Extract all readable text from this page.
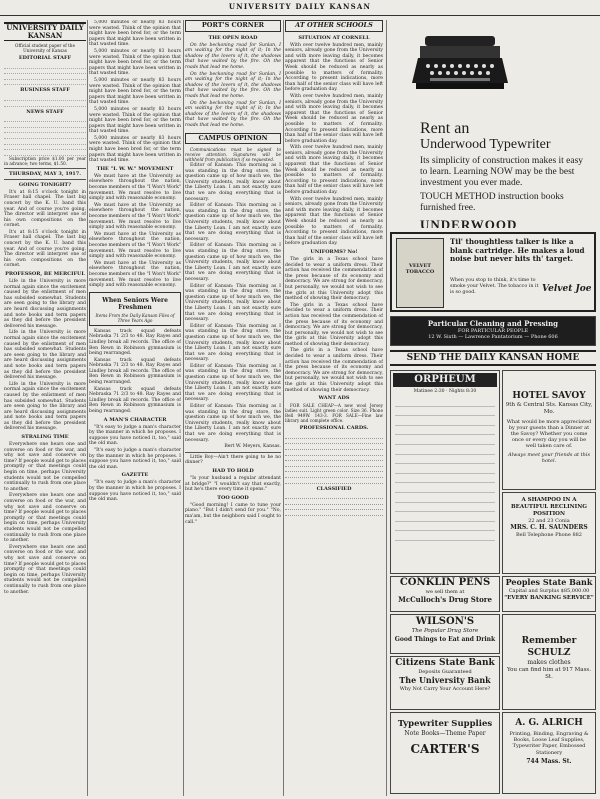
UNIVERSITY DAILY KANSAN
UNIVERSITY DAILY KANSAN
Official student paper of the University of Kansas
EDITORIAL STAFF
BUSINESS STAFF
NEWS STAFF

Subscription price $1.00 per year in advance; two terms, $1.50.

THURSDAY, MAY 3, 1917.
GOING TONIGHT?

It's at 8:15 o'clock tonight in Fraser hall chapel. The last big concert by the K. U. band this year. And of course you're going. The director will interpret one of his own compositions on the cornet.

It's at 8:15 o'clock tonight in Fraser hall chapel. The last big concert by the K. U. band this year. And of course you're going. The director will interpret one of his own compositions on the cornet.

PROFESSOR, BE MERCIFUL

Life in the University is more normal again since the excitement caused by the enlistment of men has subsided somewhat. Students are seen going to the library and are heard discussing assignments and note books and term papers as they did before the president delivered his message.

Life in the University is more normal again since the excitement caused by the enlistment of men has subsided somewhat. Students are seen going to the library and are heard discussing assignments and note books and term papers as they did before the president delivered his message.

Life in the University is more normal again since the excitement caused by the enlistment of men has subsided somewhat. Students are seen going to the library and are heard discussing assignments and note books and term papers as they did before the president delivered his message.

STRALING TIME

Everywhere one hears one and converse on food or the war, and why not save and conserve on time? If people would get to places promptly or that meetings could begin on time, perhaps University students would not be compelled continually to rush from one place to another.

Everywhere one hears one and converse on food or the war, and why not save and conserve on time? If people would get to places promptly or that meetings could begin on time, perhaps University students would not be compelled continually to rush from one place to another.

Everywhere one hears one and converse on food or the war, and why not save and conserve on time? If people would get to places promptly or that meetings could begin on time, perhaps University students would not be compelled continually to rush from one place to another.

5,000 minutes or nearly 83 hours were wasted. Think of the opinion that might have been bred for, or the term papers that might have been written in that wasted time.

5,000 minutes or nearly 83 hours were wasted. Think of the opinion that might have been bred for, or the term papers that might have been written in that wasted time.

5,000 minutes or nearly 83 hours were wasted. Think of the opinion that might have been bred for, or the term papers that might have been written in that wasted time.

5,000 minutes or nearly 83 hours were wasted. Think of the opinion that might have been bred for, or the term papers that might have been written in that wasted time.

5,000 minutes or nearly 83 hours were wasted. Think of the opinion that might have been bred for, or the term papers that might have been written in that wasted time.

THE "I. W. W." MOVEMENT

We must have at the University as elsewhere throughout the nation, become members of the "I Won't Work" movement. We must resolve to live simply and with reasonable economy.

We must have at the University as elsewhere throughout the nation, become members of the "I Won't Work" movement. We must resolve to live simply and with reasonable economy.

We must have at the University as elsewhere throughout the nation, become members of the "I Won't Work" movement. We must resolve to live simply and with reasonable economy.

We must have at the University as elsewhere throughout the nation, become members of the "I Won't Work" movement. We must resolve to live simply and with reasonable economy.

When Seniors Were Freshmen
Items From the Daily Kansan Files of Three Years Ago

Kansas track squad defeats Nebraska 71 2/3 to 48. Ray Rayes and Lindley break all records. The office of Ben Rewn in Robinson gymnasium is being rearranged.

Kansas track squad defeats Nebraska 71 2/3 to 48. Ray Rayes and Lindley break all records. The office of Ben Rewn in Robinson gymnasium is being rearranged.

Kansas track squad defeats Nebraska 71 2/3 to 48. Ray Rayes and Lindley break all records. The office of Ben Rewn in Robinson gymnasium is being rearranged.

A MAN'S CHARACTER

"It's easy to judge a man's character by the manner in which he proposes. I suppose you have noticed it, too," said the old man.

"It's easy to judge a man's character by the manner in which he proposes. I suppose you have noticed it, too," said the old man.

GAZETTE

"It's easy to judge a man's character by the manner in which he proposes. I suppose you have noticed it, too," said the old man.

PORT'S CORNER
THE OPEN ROAD

On the beckoning road for Sunlan, I am waiting for the night of it; In the shadow of the lovers of it, the shadows that have waited by the fire. Oh the roads that lead me home.

On the beckoning road for Sunlan, I am waiting for the night of it; In the shadow of the lovers of it, the shadows that have waited by the fire. Oh the roads that lead me home.

On the beckoning road for Sunlan, I am waiting for the night of it; In the shadow of the lovers of it, the shadows that have waited by the fire. Oh the roads that lead me home.

CAMPUS OPINION

Communications must be signed to receive attention. Signatures will be withheld from publication if so requested.

Editor of Kansan: This morning as I was standing in the drug store, the question came up of how much we, the University students, really know about the Liberty Loan. I am not exactly sure that we are doing everything that is necessary.

Editor of Kansan: This morning as I was standing in the drug store, the question came up of how much we, the University students, really know about the Liberty Loan. I am not exactly sure that we are doing everything that is necessary.

Editor of Kansan: This morning as I was standing in the drug store, the question came up of how much we, the University students, really know about the Liberty Loan. I am not exactly sure that we are doing everything that is necessary.

Editor of Kansan: This morning as I was standing in the drug store, the question came up of how much we, the University students, really know about the Liberty Loan. I am not exactly sure that we are doing everything that is necessary.

Editor of Kansan: This morning as I was standing in the drug store, the question came up of how much we, the University students, really know about the Liberty Loan. I am not exactly sure that we are doing everything that is necessary.

Editor of Kansan: This morning as I was standing in the drug store, the question came up of how much we, the University students, really know about the Liberty Loan. I am not exactly sure that we are doing everything that is necessary.

Editor of Kansan: This morning as I was standing in the drug store, the question came up of how much we, the University students, really know about the Liberty Loan. I am not exactly sure that we are doing everything that is necessary.

Bert W. Meyers, Kansas.

Little Boy—Ain't there going to be no dinner?

HAD TO HOLD

"Is your husband a regular attendant at bridge?" "I wouldn't say that exactly, but he's there every time it opens."

TOO GOOD

"Good morning! I came to tune your piano." "But I didn't send for you." "No, ma'am, but the neighbors said I ought to call."

AT OTHER SCHOOLS
SITUATION AT CORNELL

With over twelve hundred men, mainly seniors, already gone from the University and with more leaving daily, it becomes apparent that the functions of Senior Week should be reduced as nearly as possible to matters of formality. According to present indications, more than half of the senior class will have left before graduation day.

With over twelve hundred men, mainly seniors, already gone from the University and with more leaving daily, it becomes apparent that the functions of Senior Week should be reduced as nearly as possible to matters of formality. According to present indications, more than half of the senior class will have left before graduation day.

With over twelve hundred men, mainly seniors, already gone from the University and with more leaving daily, it becomes apparent that the functions of Senior Week should be reduced as nearly as possible to matters of formality. According to present indications, more than half of the senior class will have left before graduation day.

With over twelve hundred men, mainly seniors, already gone from the University and with more leaving daily, it becomes apparent that the functions of Senior Week should be reduced as nearly as possible to matters of formality. According to present indications, more than half of the senior class will have left before graduation day.

UNIFORMS? No!

The girls in a Texas school have decided to wear a uniform dress. Their action has received the commendation of the press because of its economy and democracy. We are strong for democracy, but personally, we would not wish to see the girls at this University adopt this method of showing their democracy.

The girls in a Texas school have decided to wear a uniform dress. Their action has received the commendation of the press because of its economy and democracy. We are strong for democracy, but personally, we would not wish to see the girls at this University adopt this method of showing their democracy.

The girls in a Texas school have decided to wear a uniform dress. Their action has received the commendation of the press because of its economy and democracy. We are strong for democracy, but personally, we would not wish to see the girls at this University adopt this method of showing their democracy.

WANT ADS

FOR SALE CHEAP—A new wool Jersey ladies suit. Light green color. Size 36. Phone Bell 949W. 143-3. FOR SALE—Fine law library and complete office.

PROFESSIONAL CARDS.
CLASSIFIED
Rent an
Underwood Typewriter
Its simplicity of construction makes it easy to learn. Learning NOW may be the best investment you ever made.
TOUCH METHOD instruction books furnished free.
UNDERWOOD
VELVET TOBACCO
Til' thoughtless talker is like a blank cartridge. He makes a loud noise but never hits th' target.
When you stop to think, it's time to smoke your Velvet. The tobacco in it is so good.	Velvet Joe
Particular Cleaning and Pressing
FOR PARTICULAR PEOPLE
12 W. Sixth — Lawrence Pantatorium — Phone 606
SEND THE DAILY KANSAN HOME
ORPHEUM
Matinee 2:30 · Nights 8:30	HOTEL SAVOY
9th & Central Sts. Kansas City, Mo.
What would be more appreciated by your guests than a Dinner at the Savoy? Whether you come once or every day you will be well taken care of.
Always meet your friends at this hotel.
A SHAMPOO IN A BEAUTIFUL RECLINING POSITION
22 and 23 Conia
MRS. C. H. SAUNDERS
Bell Telephone Phone 882
CONKLIN PENS
we sell them at
McCulloch's Drug Store
Peoples State Bank
Capital and Surplus $85,000.00
"EVERY BANKING SERVICE"
WILSON'S
The Popular Drug Store
Good Things to Eat and Drink	Remember SCHULZ
makes clothes
You can find him at 917 Mass. St.
Citizens State Bank
Deposits Guaranteed
The University Bank
Why Not Carry Your Account Here?
Typewriter Supplies
Note Books—Theme Paper
CARTER'S
A. G. ALRICH
Printing, Binding, Engraving & Books, Loose Leaf Supplies, Typewriter Paper, Embossed Stationery
744 Mass. St.
